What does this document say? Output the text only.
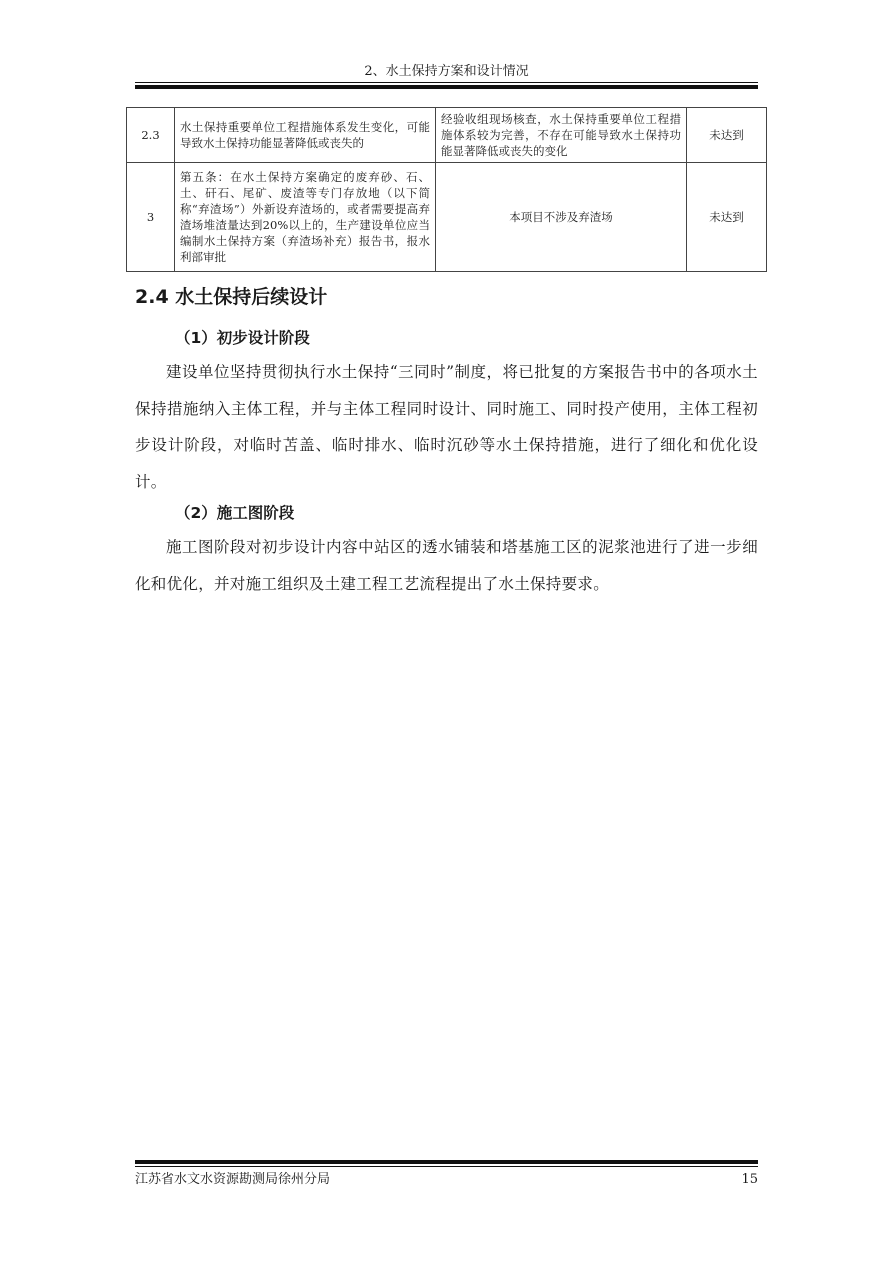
2、水土保持方案和设计情况
2.3	水土保持重要单位工程措施体系发生变化，可能导致水土保持功能显著降低或丧失的	经验收组现场核查，水土保持重要单位工程措施体系较为完善，不存在可能导致水土保持功能显著降低或丧失的变化	未达到
3	第五条：在水土保持方案确定的废弃砂、石、土、矸石、尾矿、废渣等专门存放地（以下简称“弃渣场”）外新设弃渣场的，或者需要提高弃渣场堆渣量达到20%以上的，生产建设单位应当编制水土保持方案（弃渣场补充）报告书，报水利部审批	本项目不涉及弃渣场	未达到
2.4 水土保持后续设计
（1）初步设计阶段

建设单位坚持贯彻执行水土保持“三同时”制度，将已批复的方案报告书中的各项水土保持措施纳入主体工程，并与主体工程同时设计、同时施工、同时投产使用，主体工程初步设计阶段，对临时苫盖、临时排水、临时沉砂等水土保持措施，进行了细化和优化设计。

（2）施工图阶段

施工图阶段对初步设计内容中站区的透水铺装和塔基施工区的泥浆池进行了进一步细化和优化，并对施工组织及土建工程工艺流程提出了水土保持要求。

江苏省水文水资源勘测局徐州分局	15
